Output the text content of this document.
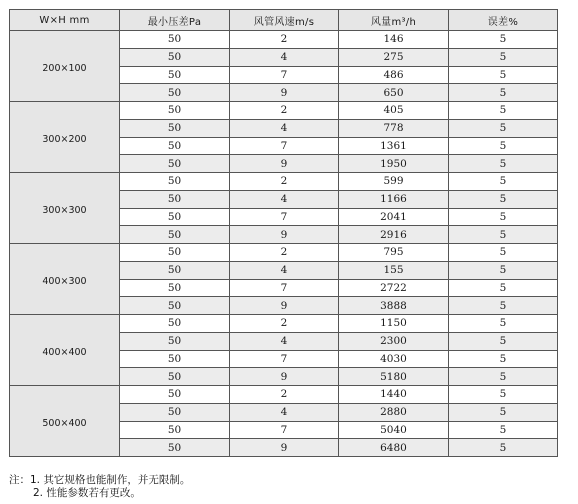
W×H mm	最小压差Pa	风管风速m/s	风量m³/h	误差%
200×100	50	2	146	5
	50	4	275	5
	50	7	486	5
	50	9	650	5
300×200	50	2	405	5
	50	4	778	5
	50	7	1361	5
	50	9	1950	5
300×300	50	2	599	5
	50	4	1166	5
	50	7	2041	5
	50	9	2916	5
400×300	50	2	795	5
	50	4	155	5
	50	7	2722	5
	50	9	3888	5
400×400	50	2	1150	5
	50	4	2300	5
	50	7	4030	5
	50	9	5180	5
500×400	50	2	1440	5
	50	4	2880	5
	50	7	5040	5
	50	9	6480	5
注：1. 其它规格也能制作，并无限制。
2. 性能参数若有更改。
